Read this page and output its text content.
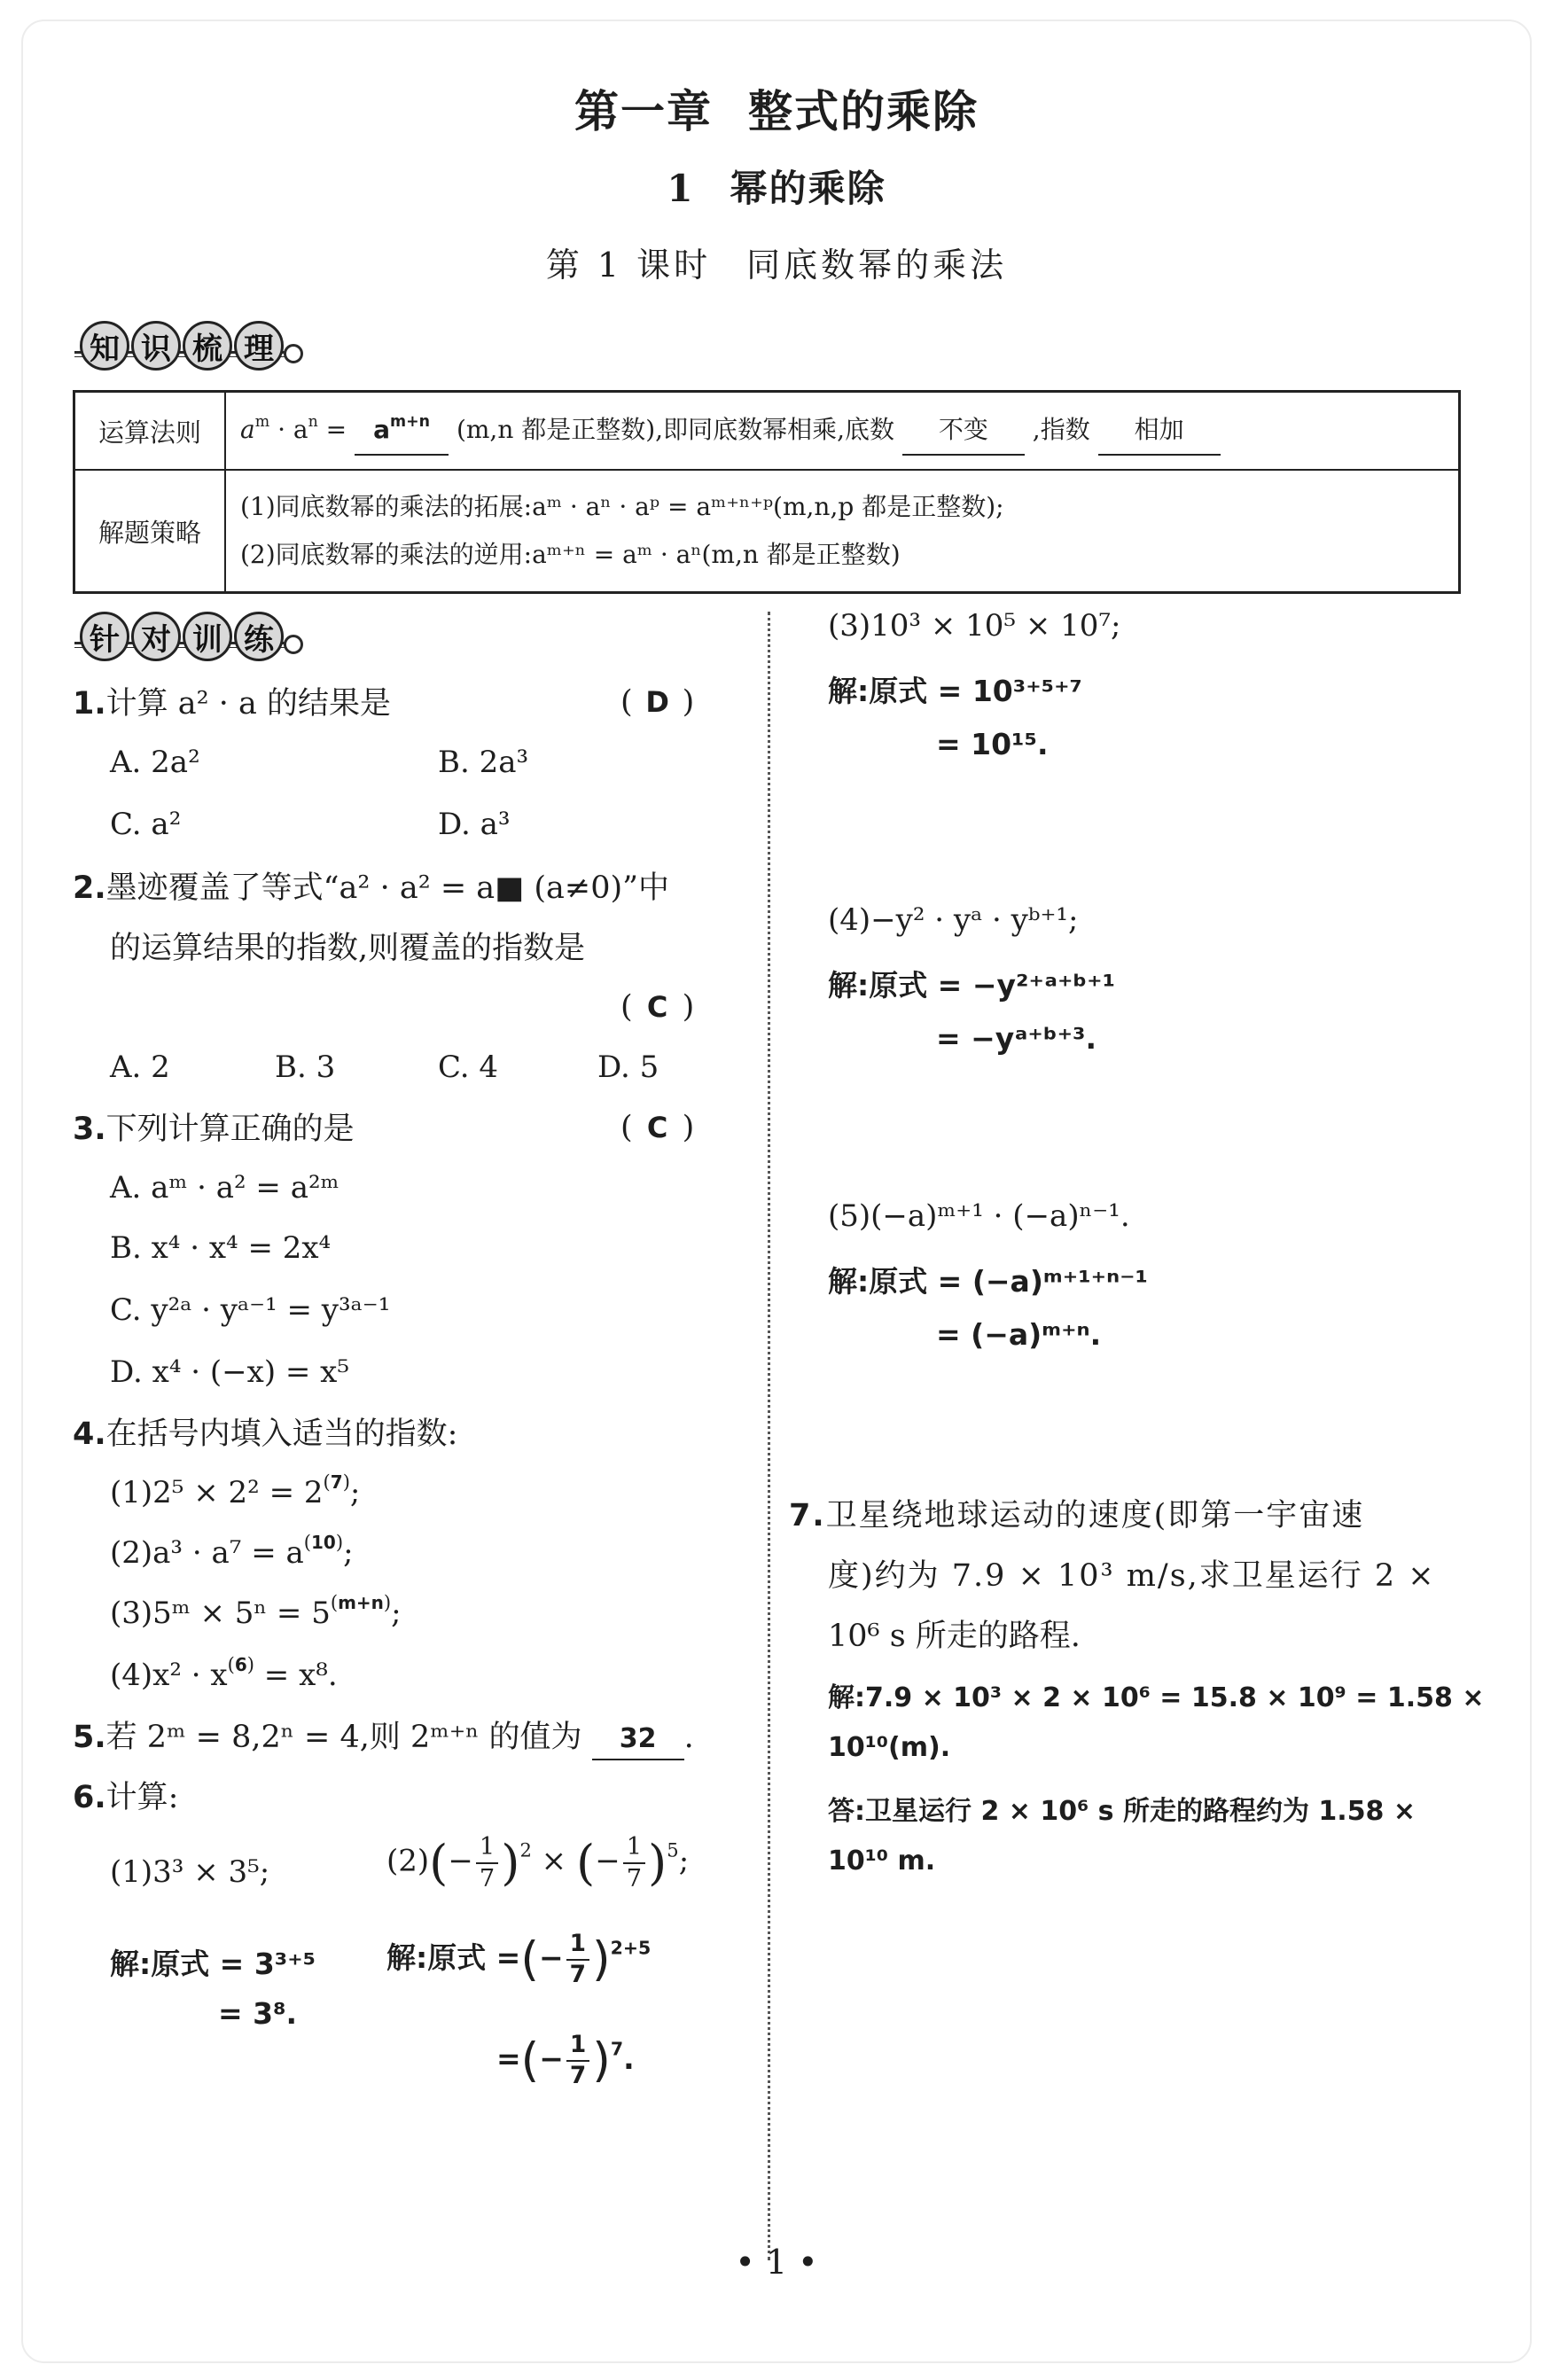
第一章 整式的乘除
1 幂的乘除
第 1 课时 同底数幂的乘法
知 识 梳 理
运算法则	$a^m \cdot a^n = a^{m+n}$ (m,n 都是正整数),即同底数幂相乘,底数 不变 ,指数 相加
解题策略	(1)同底数幂的乘法的拓展:aᵐ · aⁿ · aᵖ = aᵐ⁺ⁿ⁺ᵖ(m,n,p 都是正整数);
(2)同底数幂的乘法的逆用:aᵐ⁺ⁿ = aᵐ · aⁿ(m,n 都是正整数)
针 对 训 练
1.计算 a² · a 的结果是	( D )
A. 2a²	B. 2a³
C. a²	D. a³
2.墨迹覆盖了等式“a² · a² = a■ (a≠0)”中
的运算结果的指数,则覆盖的指数是
( C )
A. 2	B. 3	C. 4	D. 5
3.下列计算正确的是	( C )
A. aᵐ · a² = a²ᵐ
B. x⁴ · x⁴ = 2x⁴
C. y²ᵃ · yᵃ⁻¹ = y³ᵃ⁻¹
D. x⁴ · (−x) = x⁵
4.在括号内填入适当的指数:
$(1)2^5 \times 2^2 = 2^{(7)}$;
$(2)a^3 \cdot a^7 = a^{(10)}$;
(3)5ᵐ × $5^n = 5^{(m+n)}$;
$(4)x^2 \cdot x^{(6)} = x^8$.
5.若 2ᵐ = 8,2ⁿ = 4,则 2ᵐ⁺ⁿ 的值为 32 .
6.计算:
(1)3³ × 3⁵;	$(2)(- \frac{1}{7} )^2$ × (− $\frac{1}{7} )^5$;
解:原式 = 3³⁺⁵
= 3⁸.
解:原式 =(− $\frac{1}{7} )^{2+5}$
=(− $\frac{1}{7} )^7$.
(3)10³ × 10⁵ × 10⁷;
解:原式 = 10³⁺⁵⁺⁷
= 10¹⁵.
(4)−y² · yᵃ · yᵇ⁺¹;
解:原式 = −y²⁺ᵃ⁺ᵇ⁺¹
= −yᵃ⁺ᵇ⁺³.
(5)(−a)ᵐ⁺¹ · (−a)ⁿ⁻¹.
解:原式 = (−a)ᵐ⁺¹⁺ⁿ⁻¹
= (−a)ᵐ⁺ⁿ.
7.卫星绕地球运动的速度(即第一宇宙速
度)约为 7.9 × 10³ m/s,求卫星运行 2 ×
10⁶ s 所走的路程.
解:7.9 × 10³ × 2 × 10⁶ = 15.8 × 10⁹ = 1.58 ×
10¹⁰(m).
答:卫星运行 2 × 10⁶ s 所走的路程约为 1.58 ×
10¹⁰ m.
• 1 •
